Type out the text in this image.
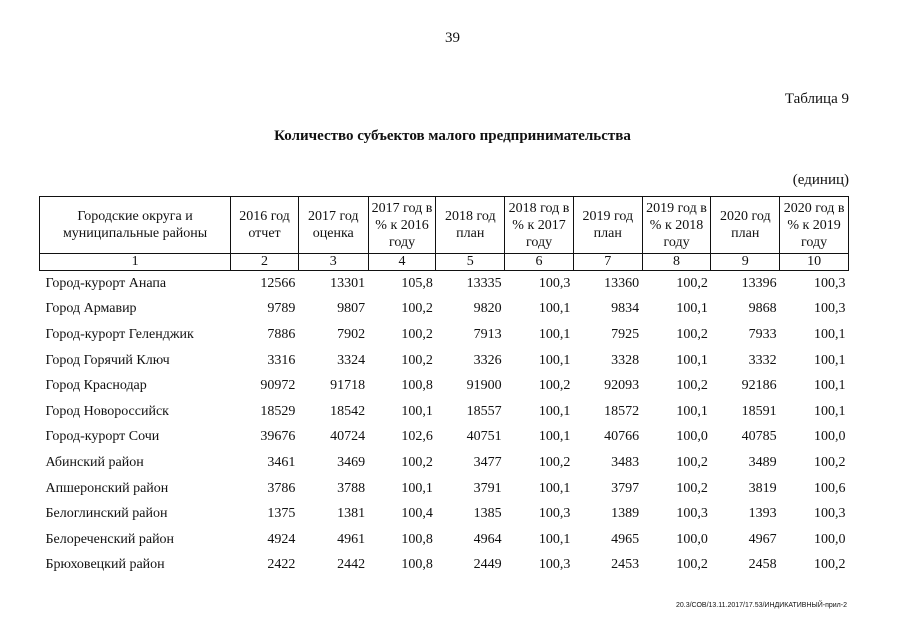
39
Таблица 9
Количество субъектов малого предпринимательства
(единиц)
Городские округа и муниципальные районы	2016 год отчет	2017 год оценка	2017 год в % к 2016 году	2018 год план	2018 год в % к 2017 году	2019 год план	2019 год в % к 2018 году	2020 год план	2020 год в % к 2019 году
1	2	3	4	5	6	7	8	9	10
Город-курорт Анапа	12566	13301	105,8	13335	100,3	13360	100,2	13396	100,3
Город Армавир	9789	9807	100,2	9820	100,1	9834	100,1	9868	100,3
Город-курорт Геленджик	7886	7902	100,2	7913	100,1	7925	100,2	7933	100,1
Город Горячий Ключ	3316	3324	100,2	3326	100,1	3328	100,1	3332	100,1
Город Краснодар	90972	91718	100,8	91900	100,2	92093	100,2	92186	100,1
Город Новороссийск	18529	18542	100,1	18557	100,1	18572	100,1	18591	100,1
Город-курорт Сочи	39676	40724	102,6	40751	100,1	40766	100,0	40785	100,0
Абинский район	3461	3469	100,2	3477	100,2	3483	100,2	3489	100,2
Апшеронский район	3786	3788	100,1	3791	100,1	3797	100,2	3819	100,6
Белоглинский район	1375	1381	100,4	1385	100,3	1389	100,3	1393	100,3
Белореченский район	4924	4961	100,8	4964	100,1	4965	100,0	4967	100,0
Брюховецкий район	2422	2442	100,8	2449	100,3	2453	100,2	2458	100,2
20.3/СОВ/13.11.2017/17.53/ИНДИКАТИВНЫЙ-прил-2
